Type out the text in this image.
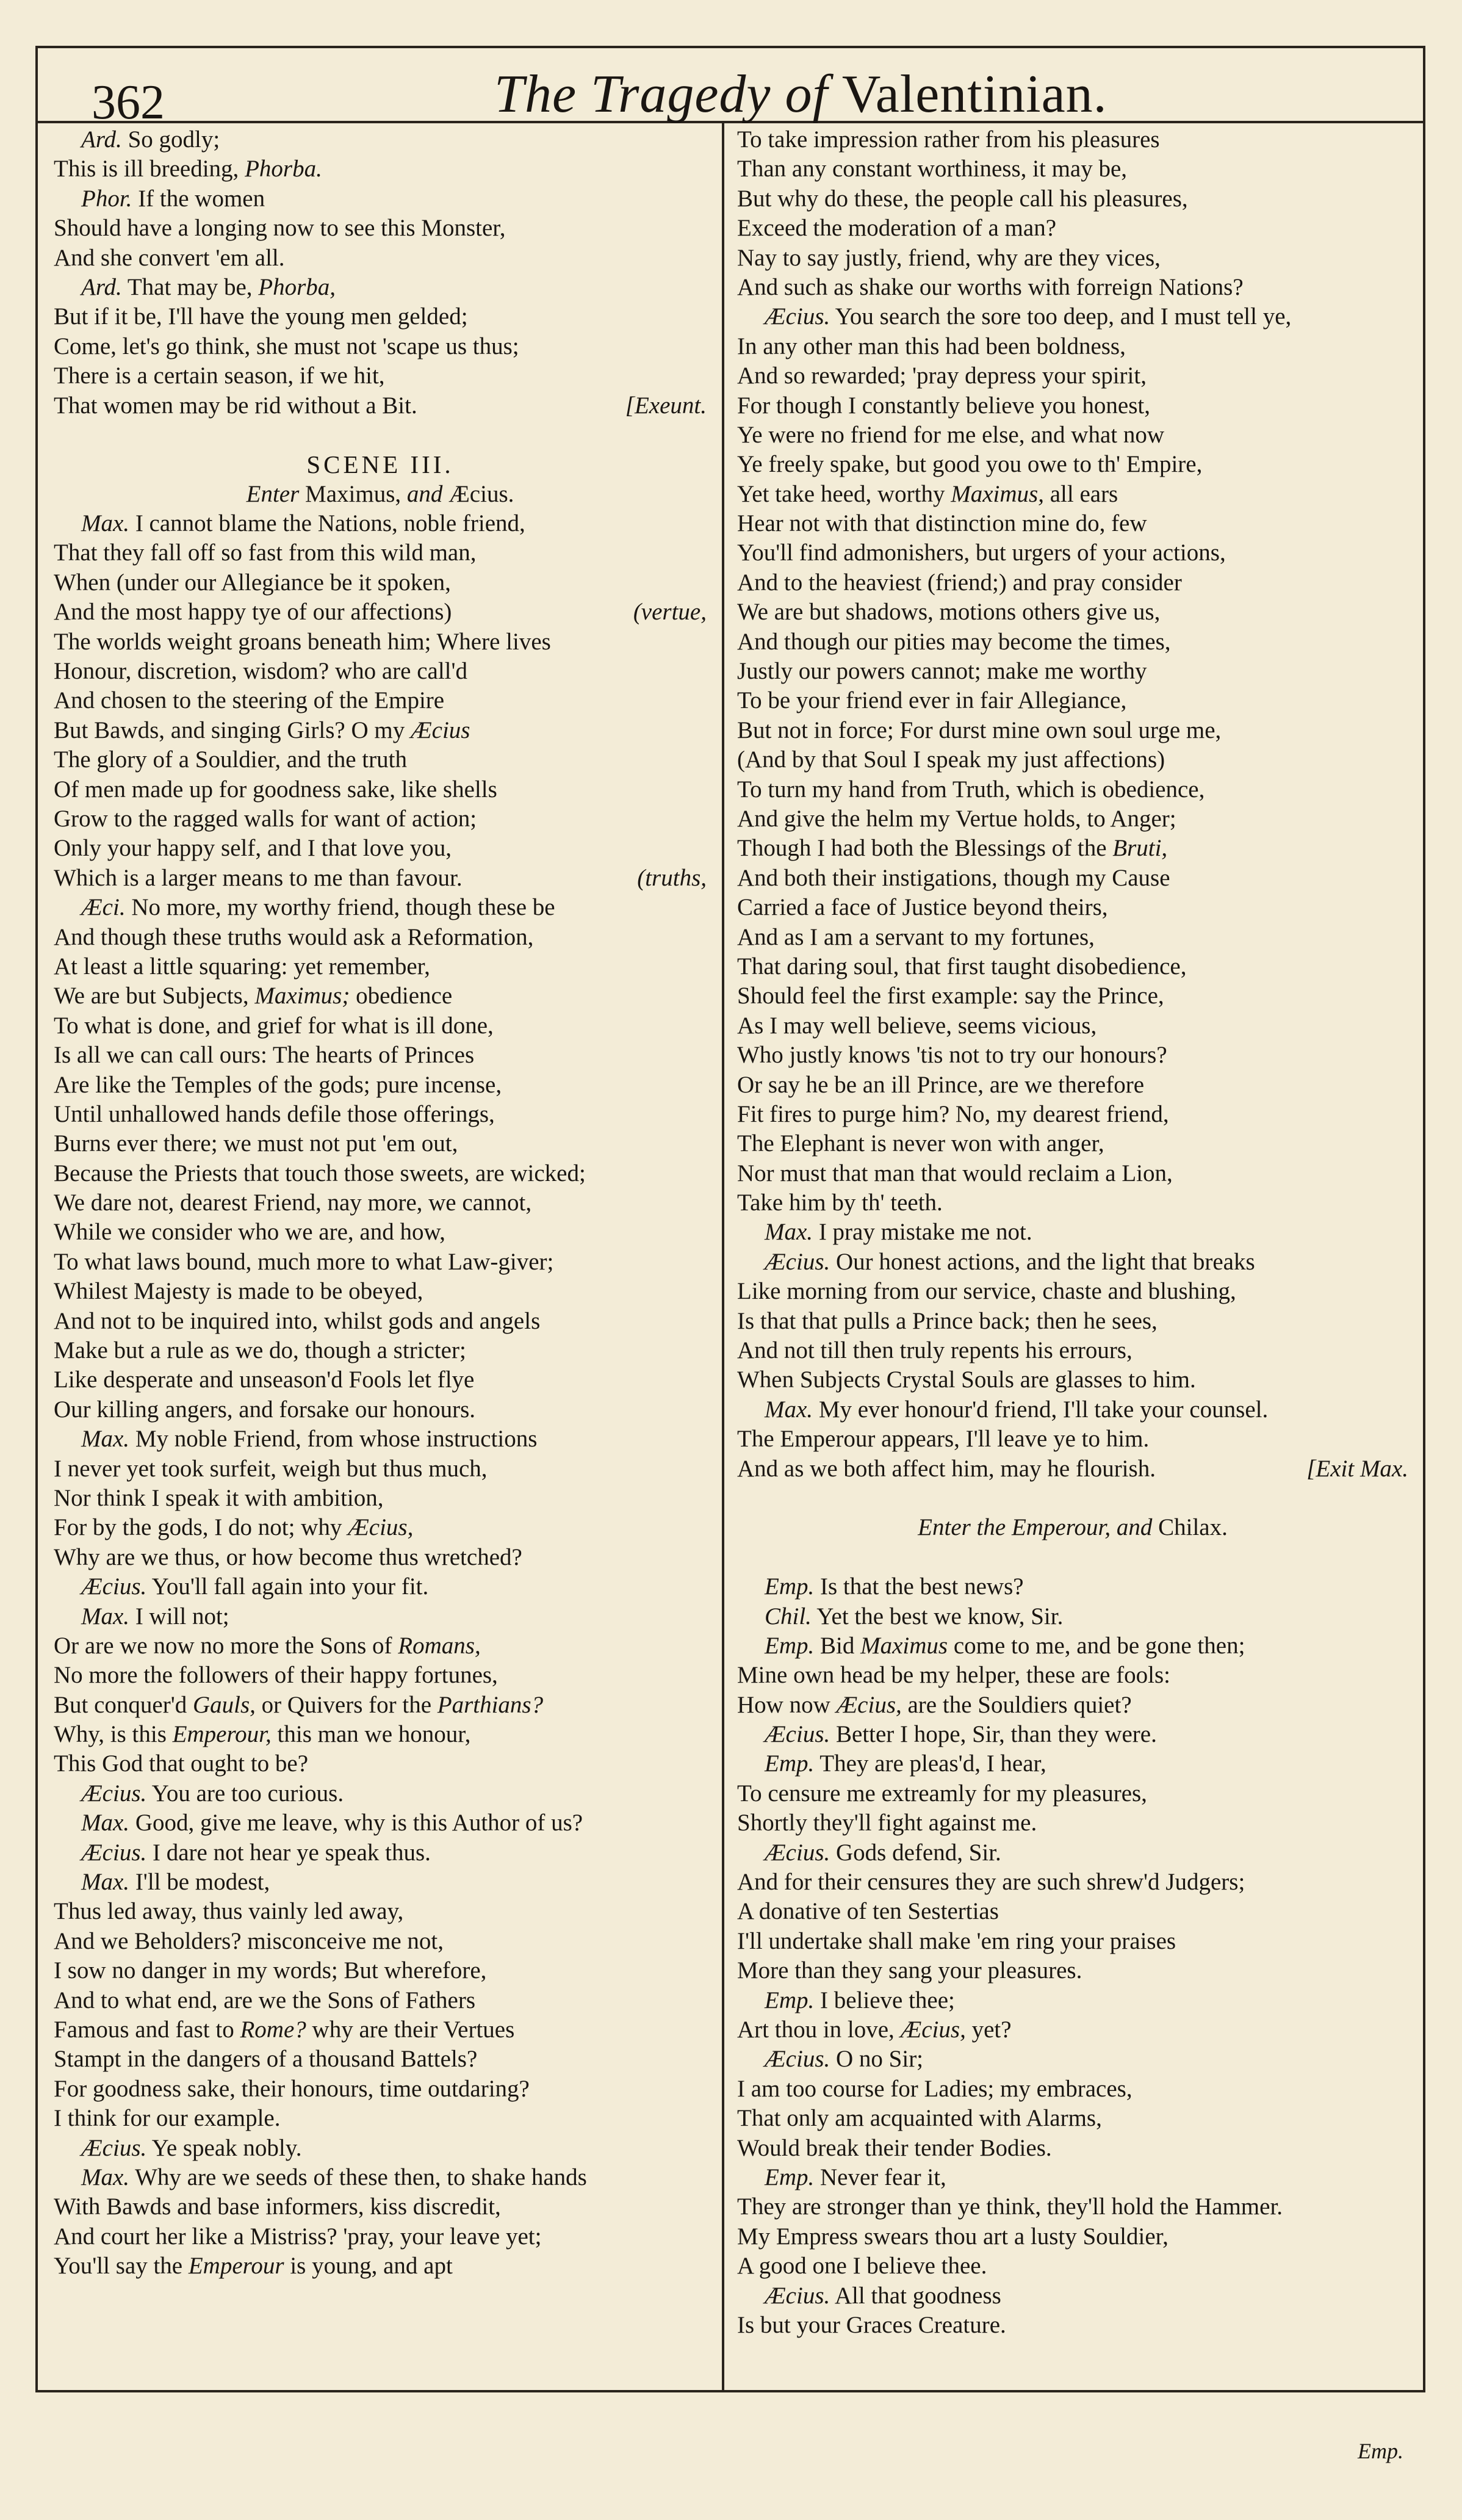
362	The Tragedy of Valentinian.
Ard. So godly;
This is ill breeding, Phorba.
Phor. If the women
Should have a longing now to see this Monster,
And she convert 'em all.
Ard. That may be, Phorba,
But if it be, I'll have the young men gelded;
Come, let's go think, she must not 'scape us thus;
There is a certain season, if we hit,
That women may be rid without a Bit.	[Exeunt.
SCENE III.
Enter Maximus, and Æcius.
Max. I cannot blame the Nations, noble friend,
That they fall off so fast from this wild man,
When (under our Allegiance be it spoken,
And the most happy tye of our affections)	(vertue,
The worlds weight groans beneath him; Where lives
Honour, discretion, wisdom? who are call'd
And chosen to the steering of the Empire
But Bawds, and singing Girls? O my Æcius
The glory of a Souldier, and the truth
Of men made up for goodness sake, like shells
Grow to the ragged walls for want of action;
Only your happy self, and I that love you,
Which is a larger means to me than favour.	(truths,
Æci. No more, my worthy friend, though these be
And though these truths would ask a Reformation,
At least a little squaring: yet remember,
We are but Subjects, Maximus; obedience
To what is done, and grief for what is ill done,
Is all we can call ours: The hearts of Princes
Are like the Temples of the gods; pure incense,
Until unhallowed hands defile those offerings,
Burns ever there; we must not put 'em out,
Because the Priests that touch those sweets, are wicked;
We dare not, dearest Friend, nay more, we cannot,
While we consider who we are, and how,
To what laws bound, much more to what Law-giver;
Whilest Majesty is made to be obeyed,
And not to be inquired into, whilst gods and angels
Make but a rule as we do, though a stricter;
Like desperate and unseason'd Fools let flye
Our killing angers, and forsake our honours.
Max. My noble Friend, from whose instructions
I never yet took surfeit, weigh but thus much,
Nor think I speak it with ambition,
For by the gods, I do not; why Æcius,
Why are we thus, or how become thus wretched?
Æcius. You'll fall again into your fit.
Max. I will not;
Or are we now no more the Sons of Romans,
No more the followers of their happy fortunes,
But conquer'd Gauls, or Quivers for the Parthians?
Why, is this Emperour, this man we honour,
This God that ought to be?
Æcius. You are too curious.
Max. Good, give me leave, why is this Author of us?
Æcius. I dare not hear ye speak thus.
Max. I'll be modest,
Thus led away, thus vainly led away,
And we Beholders? misconceive me not,
I sow no danger in my words; But wherefore,
And to what end, are we the Sons of Fathers
Famous and fast to Rome? why are their Vertues
Stampt in the dangers of a thousand Battels?
For goodness sake, their honours, time outdaring?
I think for our example.
Æcius. Ye speak nobly.
Max. Why are we seeds of these then, to shake hands
With Bawds and base informers, kiss discredit,
And court her like a Mistriss? 'pray, your leave yet;
You'll say the Emperour is young, and apt
To take impression rather from his pleasures
Than any constant worthiness, it may be,
But why do these, the people call his pleasures,
Exceed the moderation of a man?
Nay to say justly, friend, why are they vices,
And such as shake our worths with forreign Nations?
Æcius. You search the sore too deep, and I must tell ye,
In any other man this had been boldness,
And so rewarded; 'pray depress your spirit,
For though I constantly believe you honest,
Ye were no friend for me else, and what now
Ye freely spake, but good you owe to th' Empire,
Yet take heed, worthy Maximus, all ears
Hear not with that distinction mine do, few
You'll find admonishers, but urgers of your actions,
And to the heaviest (friend;) and pray consider
We are but shadows, motions others give us,
And though our pities may become the times,
Justly our powers cannot; make me worthy
To be your friend ever in fair Allegiance,
But not in force; For durst mine own soul urge me,
(And by that Soul I speak my just affections)
To turn my hand from Truth, which is obedience,
And give the helm my Vertue holds, to Anger;
Though I had both the Blessings of the Bruti,
And both their instigations, though my Cause
Carried a face of Justice beyond theirs,
And as I am a servant to my fortunes,
That daring soul, that first taught disobedience,
Should feel the first example: say the Prince,
As I may well believe, seems vicious,
Who justly knows 'tis not to try our honours?
Or say he be an ill Prince, are we therefore
Fit fires to purge him? No, my dearest friend,
The Elephant is never won with anger,
Nor must that man that would reclaim a Lion,
Take him by th' teeth.
Max. I pray mistake me not.
Æcius. Our honest actions, and the light that breaks
Like morning from our service, chaste and blushing,
Is that that pulls a Prince back; then he sees,
And not till then truly repents his errours,
When Subjects Crystal Souls are glasses to him.
Max. My ever honour'd friend, I'll take your counsel.
The Emperour appears, I'll leave ye to him.
And as we both affect him, may he flourish.	[Exit Max.
Enter the Emperour, and Chilax.
Emp. Is that the best news?
Chil. Yet the best we know, Sir.
Emp. Bid Maximus come to me, and be gone then;
Mine own head be my helper, these are fools:
How now Æcius, are the Souldiers quiet?
Æcius. Better I hope, Sir, than they were.
Emp. They are pleas'd, I hear,
To censure me extreamly for my pleasures,
Shortly they'll fight against me.
Æcius. Gods defend, Sir.
And for their censures they are such shrew'd Judgers;
A donative of ten Sestertias
I'll undertake shall make 'em ring your praises
More than they sang your pleasures.
Emp. I believe thee;
Art thou in love, Æcius, yet?
Æcius. O no Sir;
I am too course for Ladies; my embraces,
That only am acquainted with Alarms,
Would break their tender Bodies.
Emp. Never fear it,
They are stronger than ye think, they'll hold the Hammer.
My Empress swears thou art a lusty Souldier,
A good one I believe thee.
Æcius. All that goodness
Is but your Graces Creature.
Emp.
